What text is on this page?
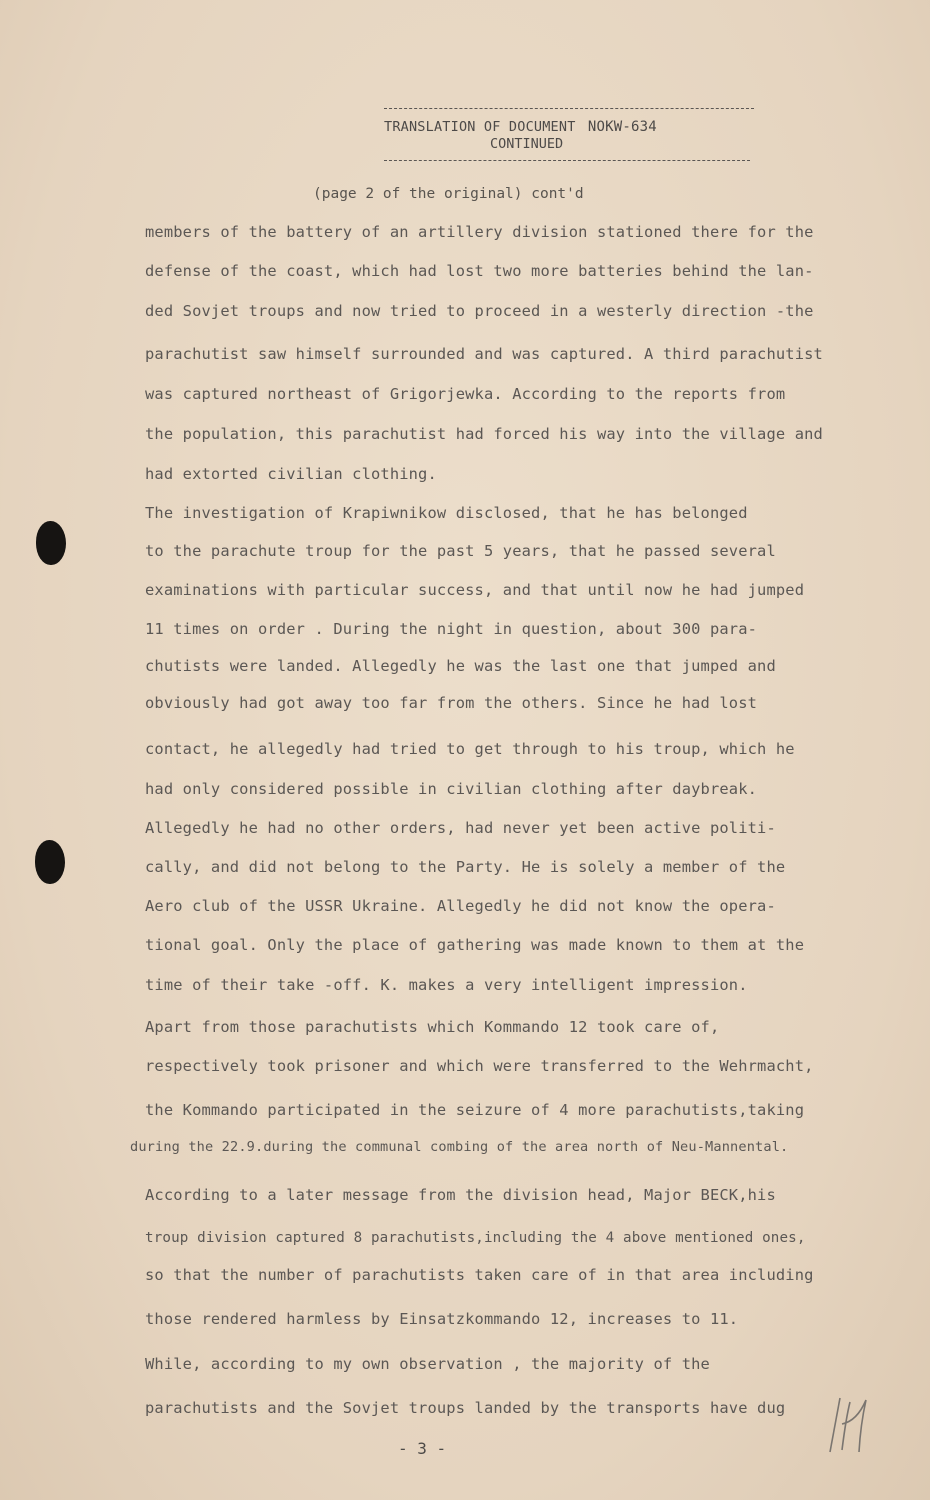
TRANSLATION OF DOCUMENT NOKW-634
CONTINUED
(page 2 of the original) cont'd
members of the battery of an artillery division stationed there for the
defense of the coast, which had lost two more batteries behind the lan-
ded Sovjet troups and now tried to proceed in a westerly direction -the
parachutist saw himself surrounded and was captured. A third parachutist
was captured northeast of Grigorjewka. According to the reports from
the population, this parachutist had forced his way into the village and
had extorted civilian clothing.
The investigation of Krapiwnikow disclosed, that he has belonged
to the parachute troup for the past 5 years, that he passed several
examinations with particular success, and that until now he had jumped
11 times on order . During the night in question, about 300 para-
chutists were landed. Allegedly he was the last one that jumped and
obviously had got away too far from the others. Since he had lost
contact, he allegedly had tried to get through to his troup, which he
had only considered possible in civilian clothing after daybreak.
Allegedly he had no other orders, had never yet been active politi-
cally, and did not belong to the Party. He is solely a member of the
Aero club of the USSR Ukraine. Allegedly he did not know the opera-
tional goal. Only the place of gathering was made known to them at the
time of their take -off. K. makes a very intelligent impression.
Apart from those parachutists which Kommando 12 took care of,
respectively took prisoner and which were transferred to the Wehrmacht,
the Kommando participated in the seizure of 4 more parachutists,taking
during the 22.9.during the communal combing of the area north of Neu-Mannental.
According to a later message from the division head, Major BECK,his
troup division captured 8 parachutists,including the 4 above mentioned ones,
so that the number of parachutists taken care of in that area including
those rendered harmless by Einsatzkommando 12, increases to 11.
While, according to my own observation , the majority of the
parachutists and the Sovjet troups landed by the transports have dug
- 3 -
